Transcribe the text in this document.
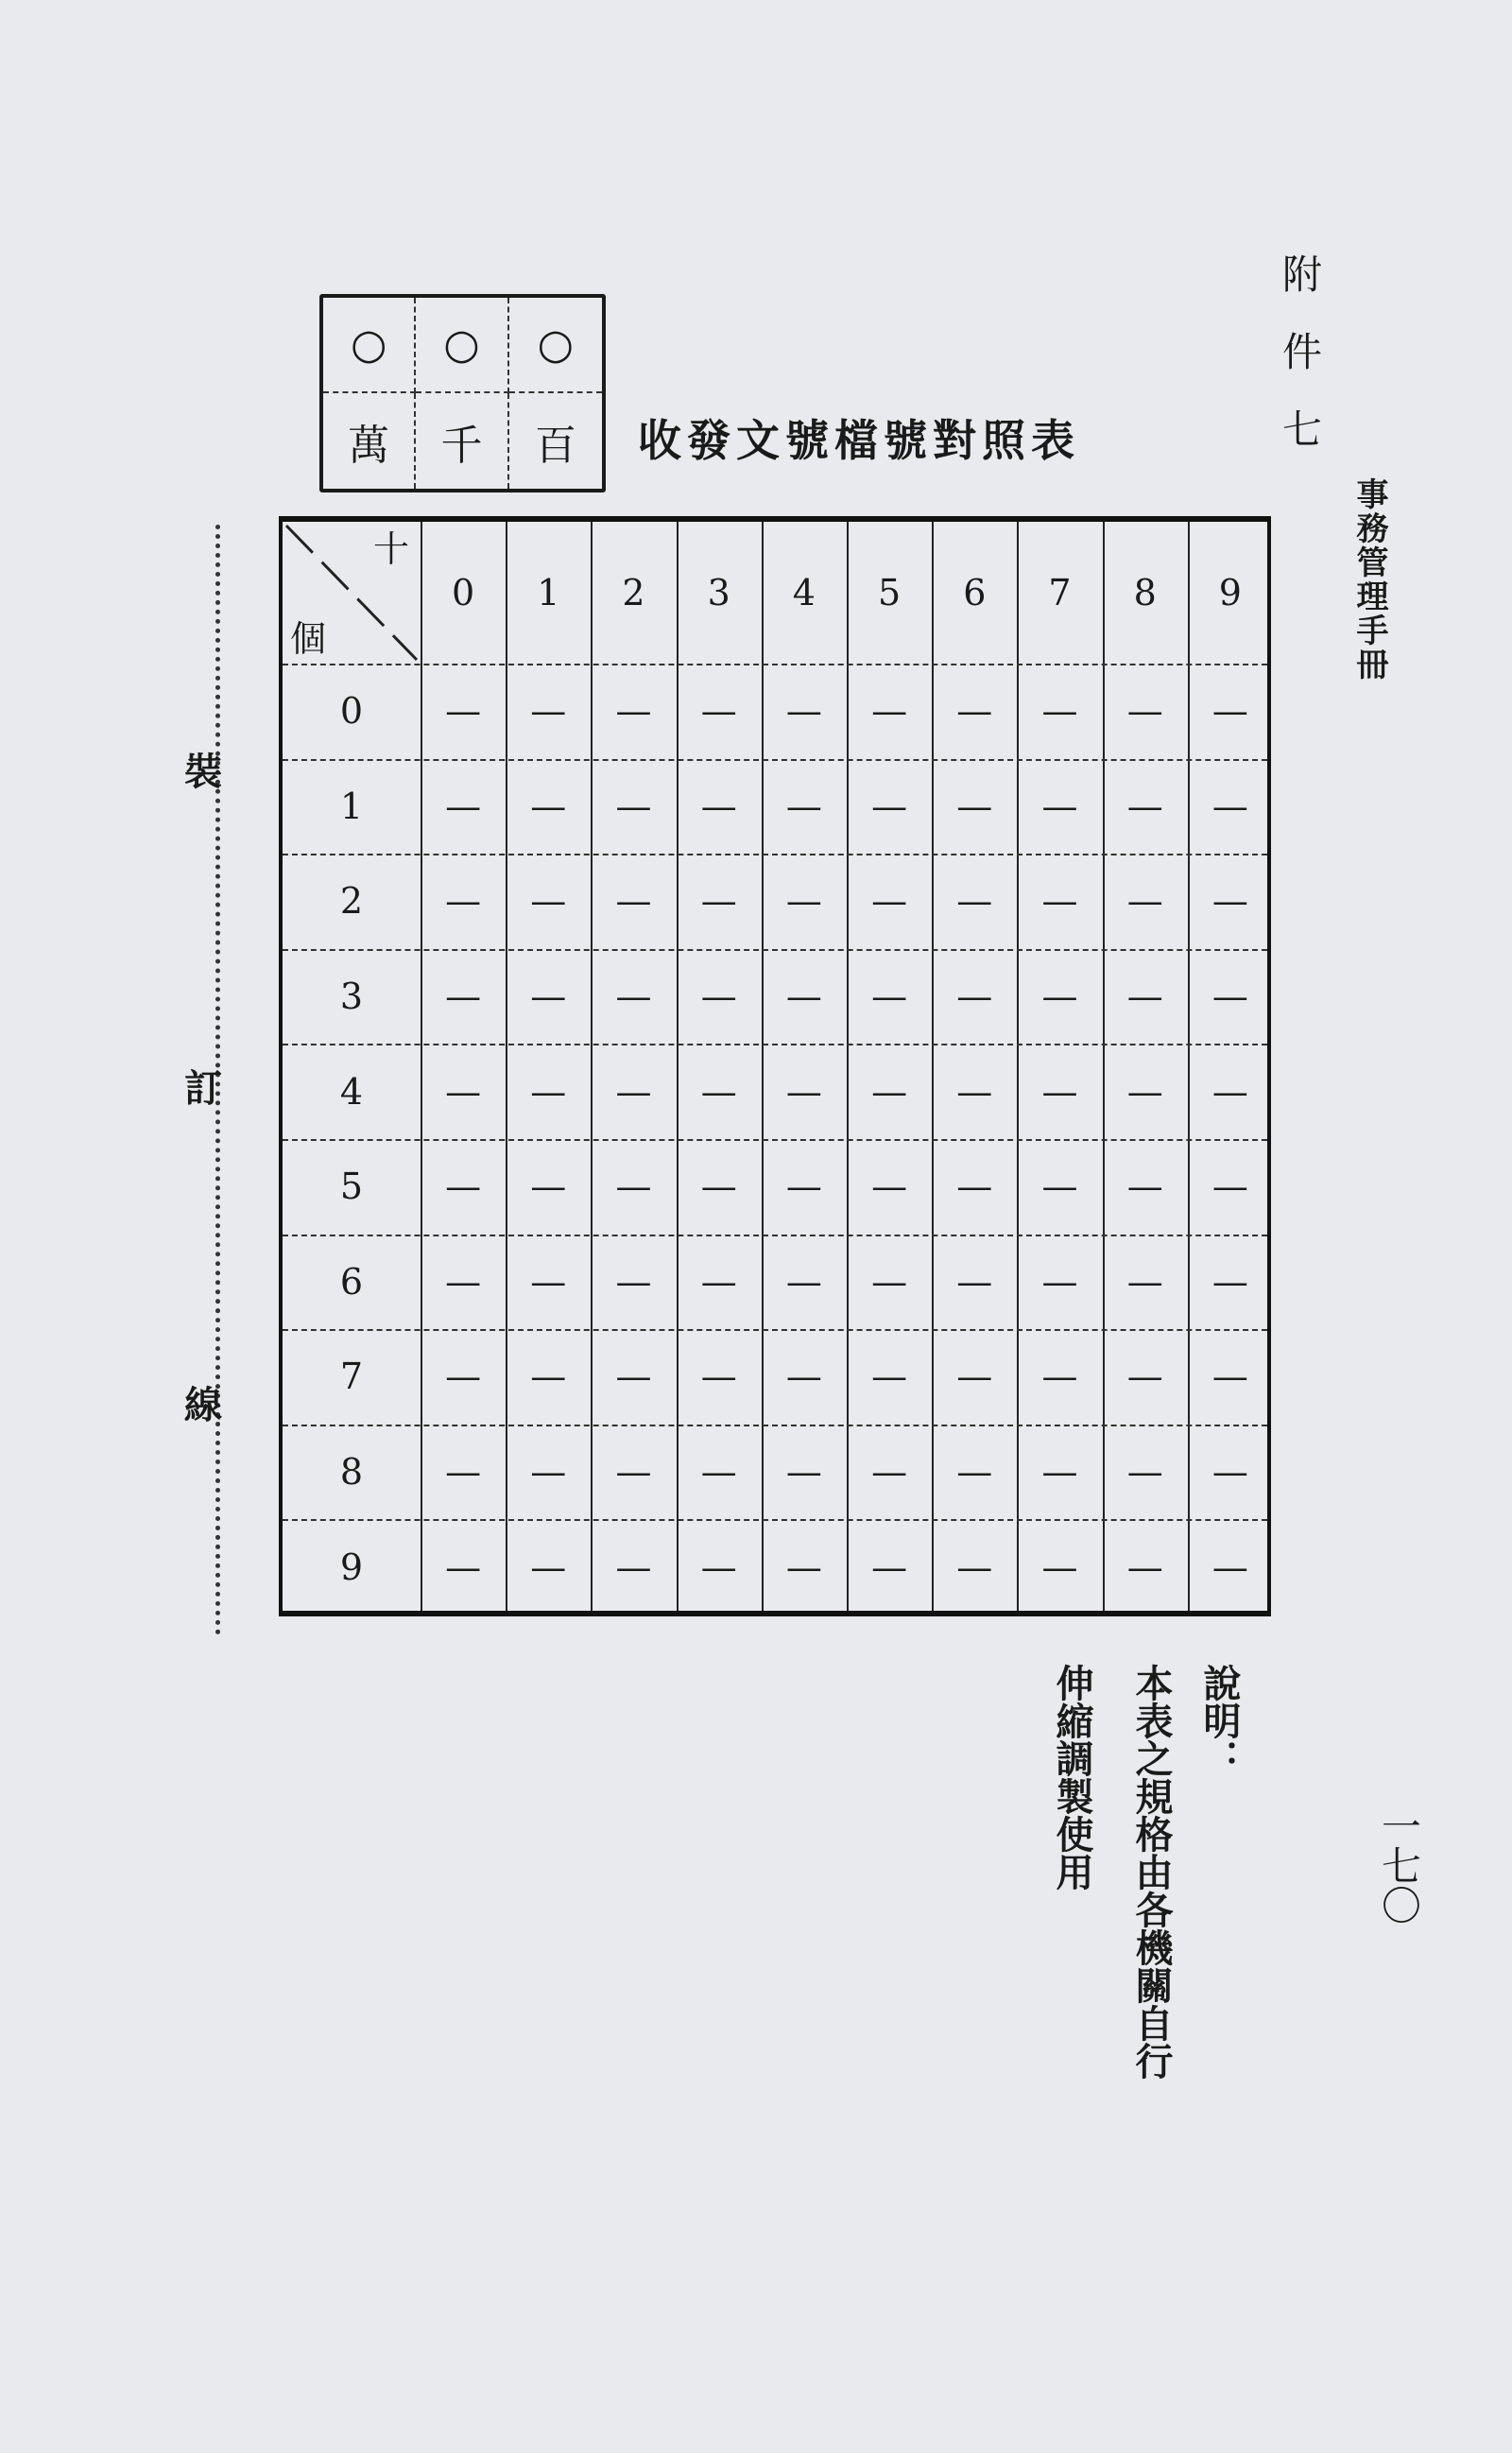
附件七
事務管理手冊
○	○	○
萬	千	百	收發文號檔號對照表
裝
訂
線
十
個
0	1	2	3	4	5	6	7	8	9
0	—	—	—	—	—	—	—	—	—	—
1	—	—	—	—	—	—	—	—	—	—
2	—	—	—	—	—	—	—	—	—	—
3	—	—	—	—	—	—	—	—	—	—
4	—	—	—	—	—	—	—	—	—	—
5	—	—	—	—	—	—	—	—	—	—
6	—	—	—	—	—	—	—	—	—	—
7	—	—	—	—	—	—	—	—	—	—
8	—	—	—	—	—	—	—	—	—	—
9	—	—	—	—	—	—	—	—	—	—
說明：
本表之規格由各機關自行
伸縮調製使用	一七〇
